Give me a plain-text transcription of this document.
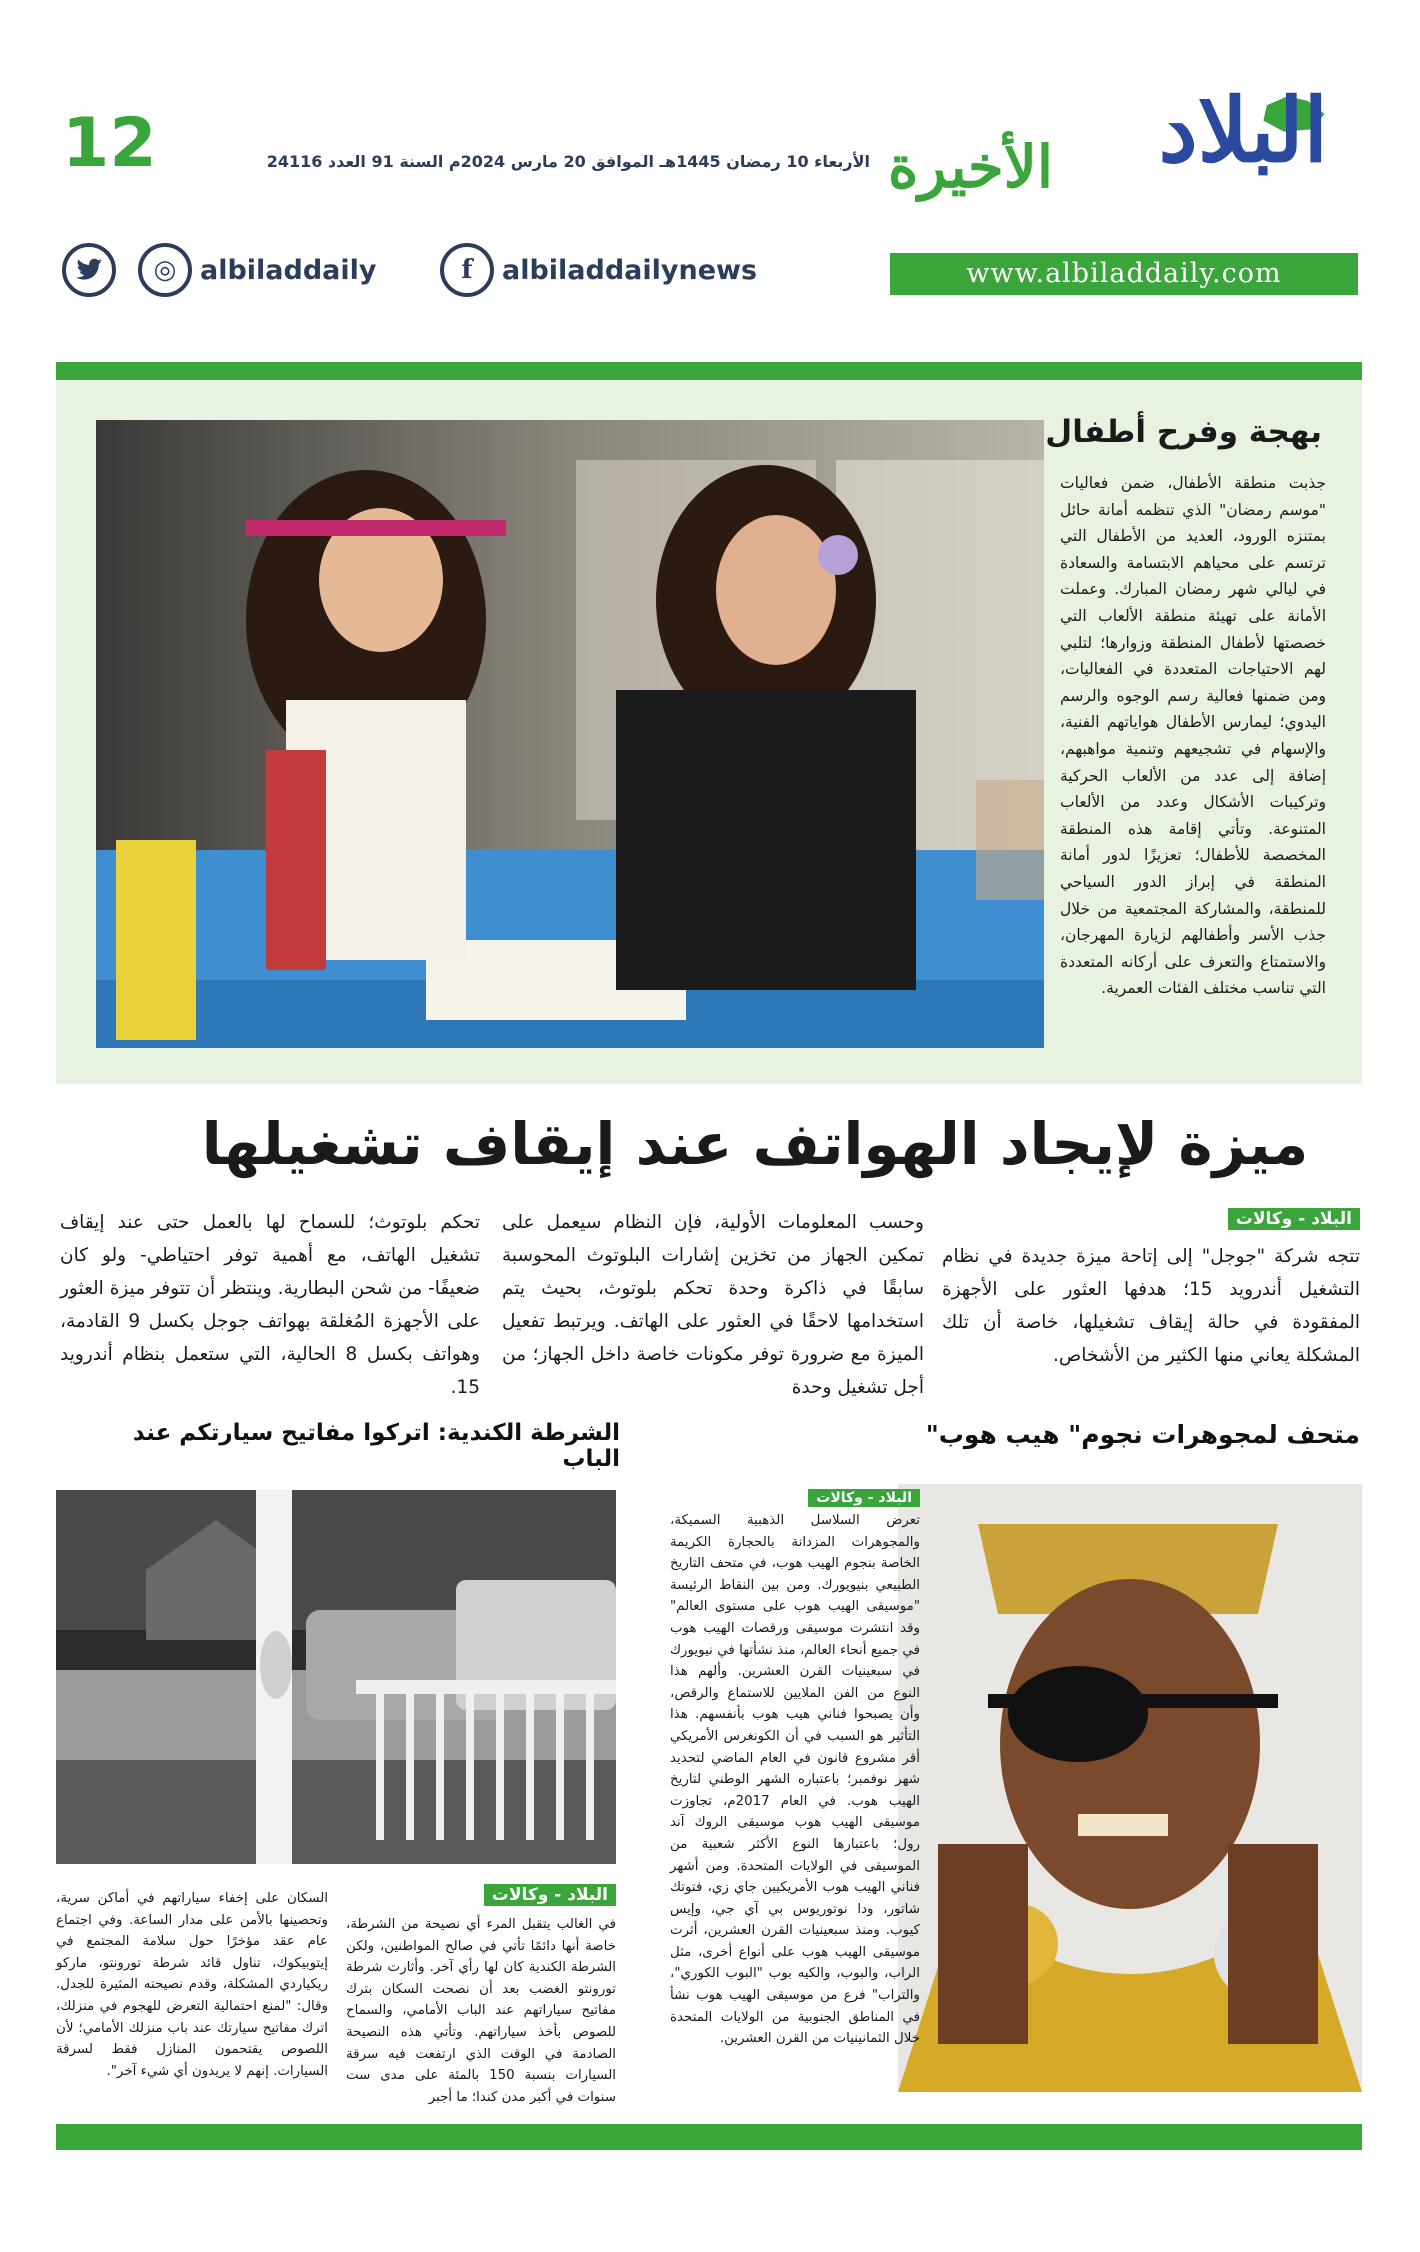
البلاد
الأخيرة
12	الأربعاء 10 رمضان 1445هـ الموافق 20 مارس 2024م السنة 91 العدد 24116
www.albiladdaily.com
f	albiladdailynews
◎ albiladdaily
بهجة وفرح أطفال
جذبت منطقة الأطفال، ضمن فعاليات "موسم رمضان" الذي تنظمه أمانة حائل بمتنزه الورود، العديد من الأطفال التي ترتسم على محياهم الابتسامة والسعادة في ليالي شهر رمضان المبارك. وعملت الأمانة على تهيئة منطقة الألعاب التي خصصتها لأطفال المنطقة وزوارها؛ لتلبي لهم الاحتياجات المتعددة في الفعاليات، ومن ضمنها فعالية رسم الوجوه والرسم اليدوي؛ ليمارس الأطفال هواياتهم الفنية، والإسهام في تشجيعهم وتنمية مواهبهم، إضافة إلى عدد من الألعاب الحركية وتركيبات الأشكال وعدد من الألعاب المتنوعة. وتأتي إقامة هذه المنطقة المخصصة للأطفال؛ تعزيزًا لدور أمانة المنطقة في إبراز الدور السياحي للمنطقة، والمشاركة المجتمعية من خلال جذب الأسر وأطفالهم لزيارة المهرجان، والاستمتاع والتعرف على أركانه المتعددة التي تناسب مختلف الفئات العمرية.
ميزة لإيجاد الهواتف عند إيقاف تشغيلها
البلاد - وكالات
تتجه شركة "جوجل" إلى إتاحة ميزة جديدة في نظام التشغيل أندرويد 15؛ هدفها العثور على الأجهزة المفقودة في حالة إيقاف تشغيلها، خاصة أن تلك المشكلة يعاني منها الكثير من الأشخاص.
وحسب المعلومات الأولية، فإن النظام سيعمل على تمكين الجهاز من تخزين إشارات البلوتوث المحوسبة سابقًا في ذاكرة وحدة تحكم بلوتوث، بحيث يتم استخدامها لاحقًا في العثور على الهاتف. ويرتبط تفعيل الميزة مع ضرورة توفر مكونات خاصة داخل الجهاز؛ من أجل تشغيل وحدة
تحكم بلوتوث؛ للسماح لها بالعمل حتى عند إيقاف تشغيل الهاتف، مع أهمية توفر احتياطي- ولو كان ضعيفًا- من شحن البطارية. وينتظر أن تتوفر ميزة العثور على الأجهزة المُغلقة بهواتف جوجل بكسل 9 القادمة، وهواتف بكسل 8 الحالية، التي ستعمل بنظام أندرويد 15.
متحف لمجوهرات نجوم" هيب هوب"
البلاد - وكالات
تعرض السلاسل الذهبية السميكة، والمجوهرات المزدانة بالحجارة الكريمة الخاصة بنجوم الهيب هوب، في متحف التاريخ الطبيعي بنيويورك. ومن بين النقاط الرئيسة "موسيقى الهيب هوب على مستوى العالم" وقد انتشرت موسيقى ورقصات الهيب هوب في جميع أنحاء العالم، منذ نشأتها في نيويورك في سبعينيات القرن العشرين. وألهم هذا النوع من الفن الملايين للاستماع والرقص، وأن يصبحوا فناني هيب هوب بأنفسهم. هذا التأثير هو السبب في أن الكونغرس الأمريكي أقر مشروع قانون في العام الماضي لتحديد شهر نوفمبر؛ باعتباره الشهر الوطني لتاريخ الهيب هوب. في العام 2017م، تجاوزت موسيقى الهيب هوب موسيقى الروك آند رول؛ باعتبارها النوع الأكثر شعبية من الموسيقى في الولايات المتحدة. ومن أشهر فناني الهيب هوب الأمريكيين جاي زي، فتوتك شاتور، ودا نوتوريوس بي آي جي، وإيس كيوب. ومنذ سبعينيات القرن العشرين، أثرت موسيقى الهيب هوب على أنواع أخرى، مثل الراب، والبوب، والكيه بوب "البوب الكوري"، والتراب" فرع من موسيقى الهيب هوب نشأ في المناطق الجنوبية من الولايات المتحدة خلال الثمانينيات من القرن العشرين.
الشرطة الكندية: اتركوا مفاتيح سيارتكم عند الباب
البلاد - وكالات
في الغالب يتقبل المرء أي نصيحة من الشرطة، خاصة أنها دائمًا تأتي في صالح المواطنين، ولكن الشرطة الكندية كان لها رأي آخر. وأثارت شرطة تورونتو الغضب بعد أن نصحت السكان بترك مفاتيح سياراتهم عند الباب الأمامي، والسماح للصوص بأخذ سياراتهم. وتأتي هذه النصيحة الصادمة في الوقت الذي ارتفعت فيه سرقة السيارات بنسبة 150 بالمئة على مدى ست سنوات في أكبر مدن كندا؛ ما أجبر
السكان على إخفاء سياراتهم في أماكن سرية، وتحصينها بالأمن على مدار الساعة. وفي اجتماع عام عقد مؤخرًا حول سلامة المجتمع في إيتوبيكوك، تناول قائد شرطة تورونتو، ماركو ريكياردي المشكلة، وقدم نصيحته المثيرة للجدل. وقال: "لمنع احتمالية التعرض للهجوم في منزلك، اترك مفاتيح سيارتك عند باب منزلك الأمامي؛ لأن اللصوص يقتحمون المنازل فقط لسرقة السيارات. إنهم لا يريدون أي شيء آخر".
